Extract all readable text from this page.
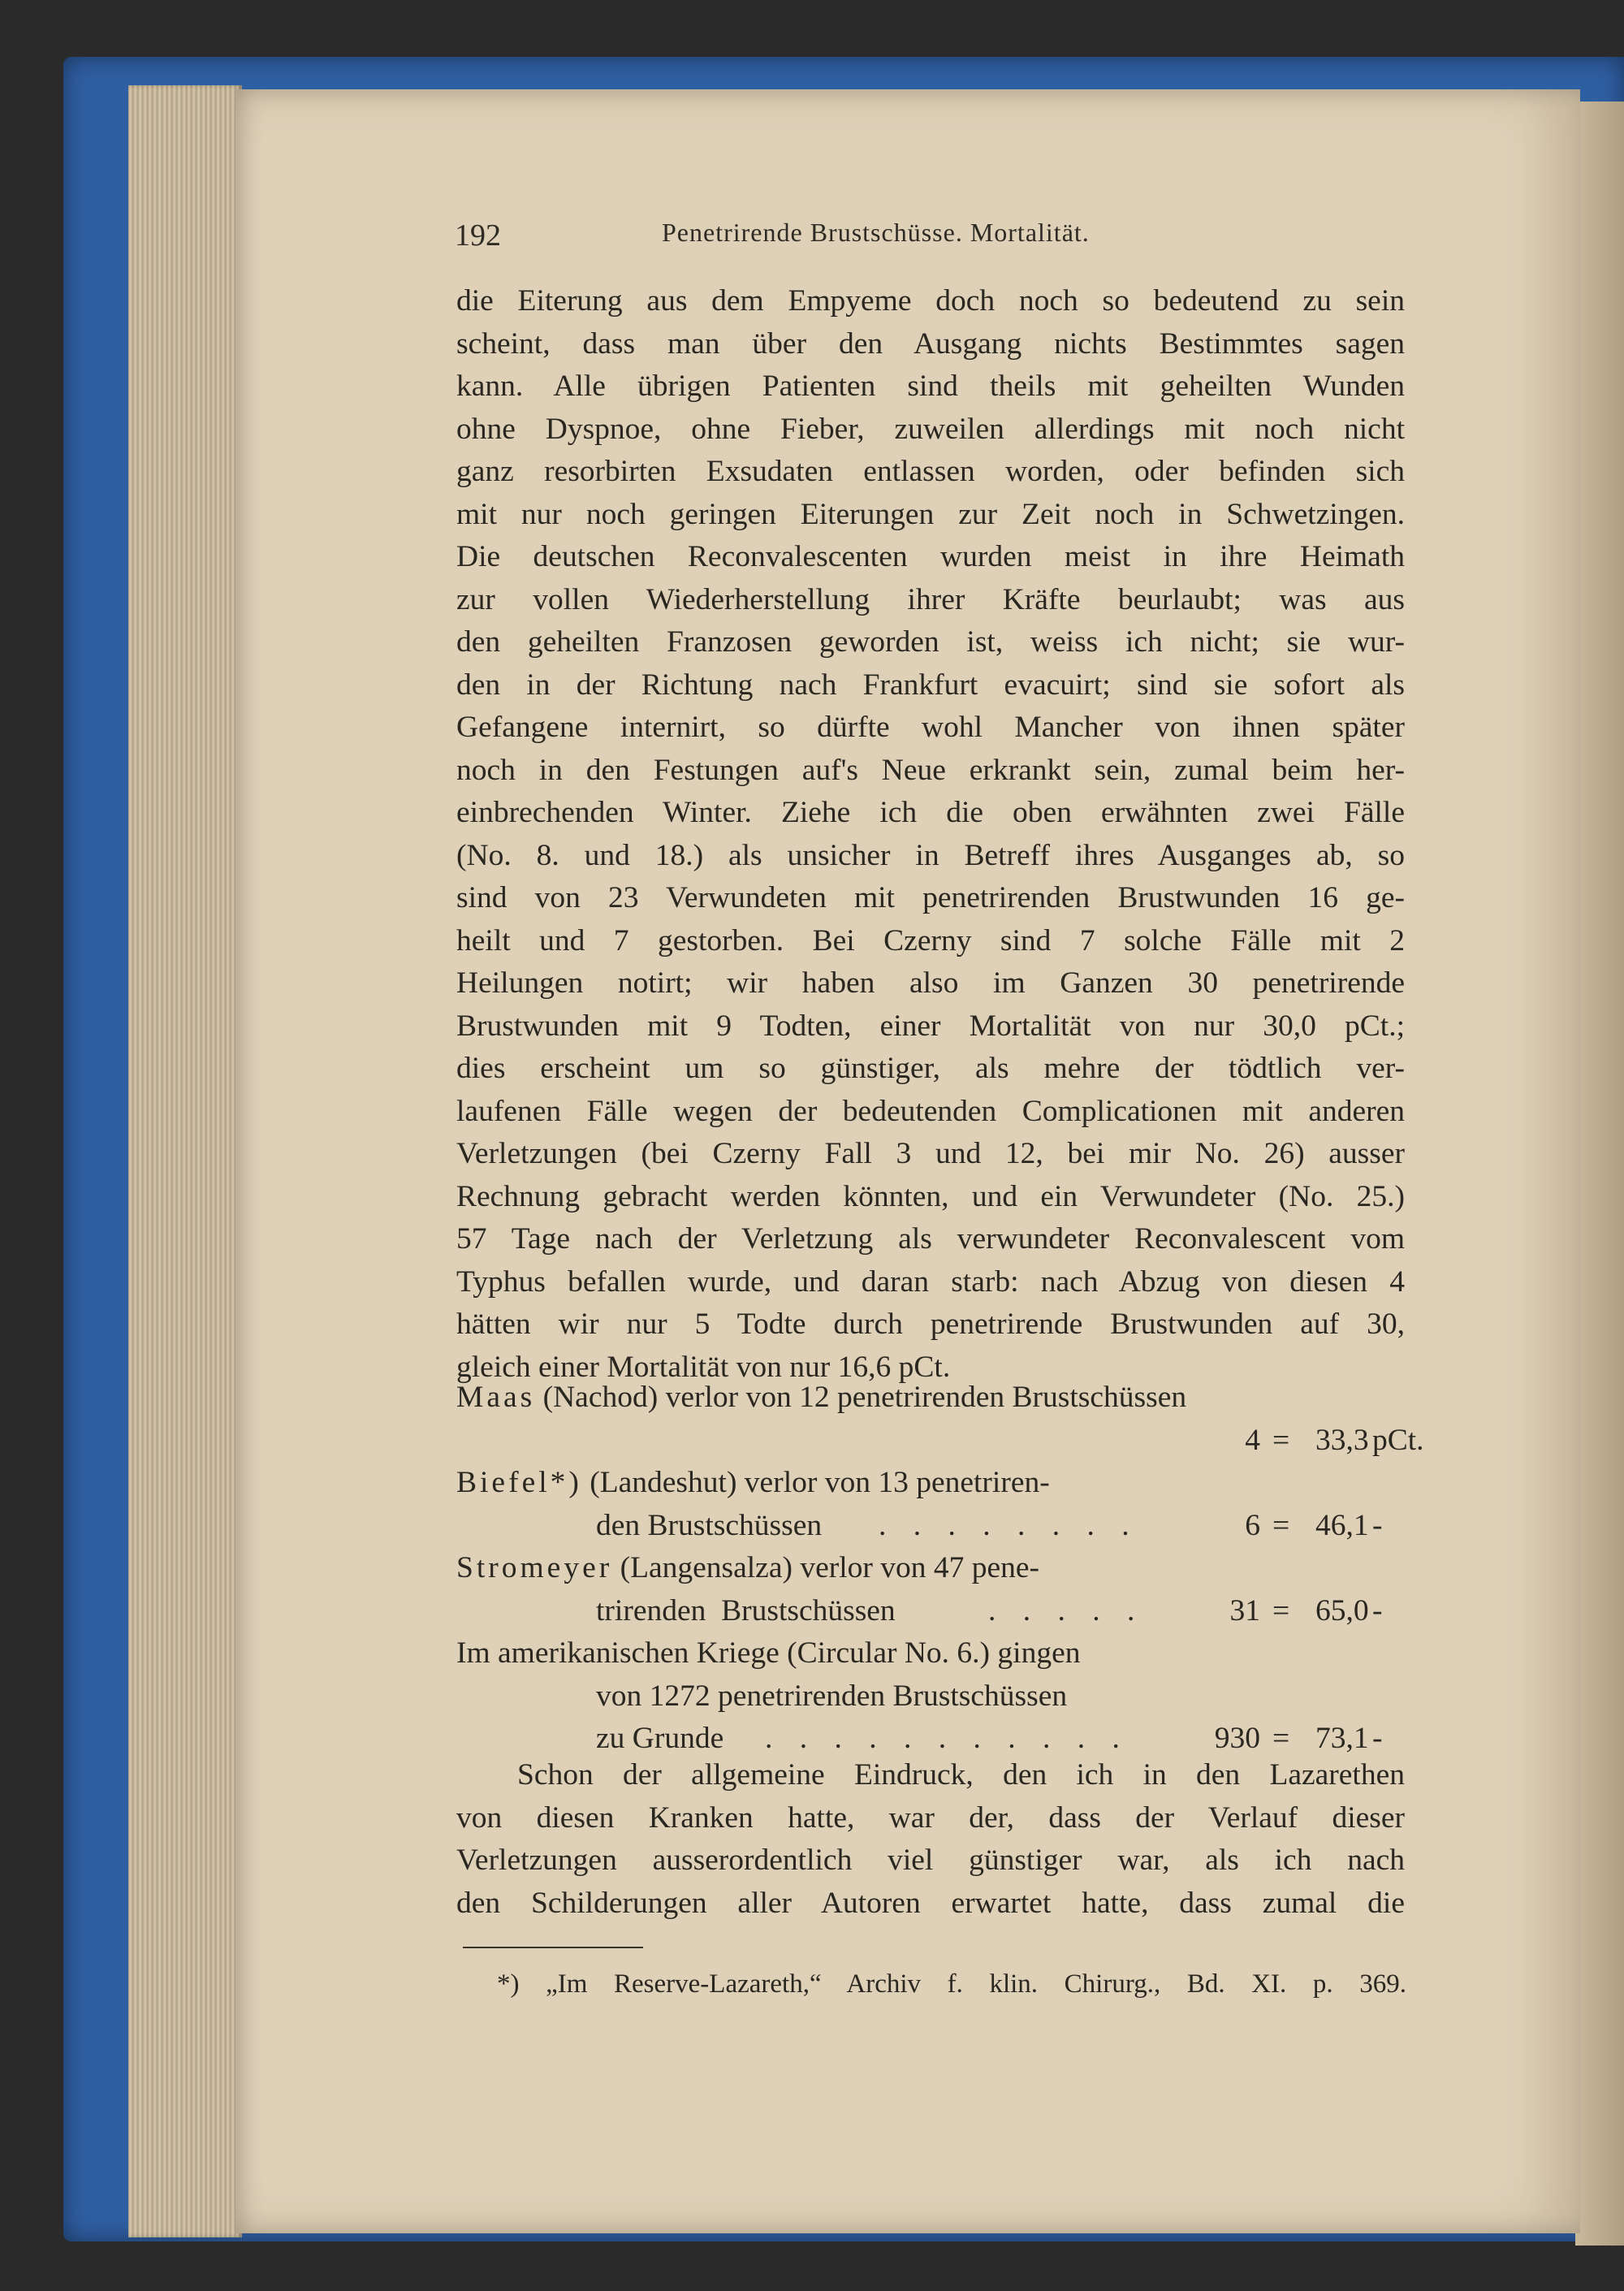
192	Penetrirende Brustschüsse. Mortalität.
die Eiterung aus dem Empyeme doch noch so bedeutend zu sein
scheint, dass man über den Ausgang nichts Bestimmtes sagen
kann. Alle übrigen Patienten sind theils mit geheilten Wunden
ohne Dyspnoe, ohne Fieber, zuweilen allerdings mit noch nicht
ganz resorbirten Exsudaten entlassen worden, oder befinden sich
mit nur noch geringen Eiterungen zur Zeit noch in Schwetzingen.
Die deutschen Reconvalescenten wurden meist in ihre Heimath
zur vollen Wiederherstellung ihrer Kräfte beurlaubt; was aus
den geheilten Franzosen geworden ist, weiss ich nicht; sie wur-
den in der Richtung nach Frankfurt evacuirt; sind sie sofort als
Gefangene internirt, so dürfte wohl Mancher von ihnen später
noch in den Festungen auf's Neue erkrankt sein, zumal beim her-
einbrechenden Winter. Ziehe ich die oben erwähnten zwei Fälle
(No. 8. und 18.) als unsicher in Betreff ihres Ausganges ab, so
sind von 23 Verwundeten mit penetrirenden Brustwunden 16 ge-
heilt und 7 gestorben. Bei Czerny sind 7 solche Fälle mit 2
Heilungen notirt; wir haben also im Ganzen 30 penetrirende
Brustwunden mit 9 Todten, einer Mortalität von nur 30,0 pCt.;
dies erscheint um so günstiger, als mehre der tödtlich ver-
laufenen Fälle wegen der bedeutenden Complicationen mit anderen
Verletzungen (bei Czerny Fall 3 und 12, bei mir No. 26) ausser
Rechnung gebracht werden könnten, und ein Verwundeter (No. 25.)
57 Tage nach der Verletzung als verwundeter Reconvalescent vom
Typhus befallen wurde, und daran starb: nach Abzug von diesen 4
hätten wir nur 5 Todte durch penetrirende Brustwunden auf 30,
gleich einer Mortalität von nur 16,6 pCt.
Maas (Nachod) verlor von 12 penetrirenden Brustschüssen
4 = 33,3 pCt.
Biefel*) (Landeshut) verlor von 13 penetriren-
den Brustschüssen . . . . . . . .	6 = 46,1 -
Stromeyer (Langensalza) verlor von 47 pene-
trirenden  Brustschüssen	. . . . .	31 = 65,0 -
Im amerikanischen Kriege (Circular No. 6.) gingen
von 1272 penetrirenden Brustschüssen
zu Grunde . . . . . . . . . . .	930 = 73,1 -
Schon der allgemeine Eindruck, den ich in den Lazarethen
von diesen Kranken hatte, war der, dass der Verlauf dieser
Verletzungen ausserordentlich viel günstiger war, als ich nach
den Schilderungen aller Autoren erwartet hatte, dass zumal die
*) „Im Reserve-Lazareth,“ Archiv f. klin. Chirurg., Bd. XI. p. 369.
